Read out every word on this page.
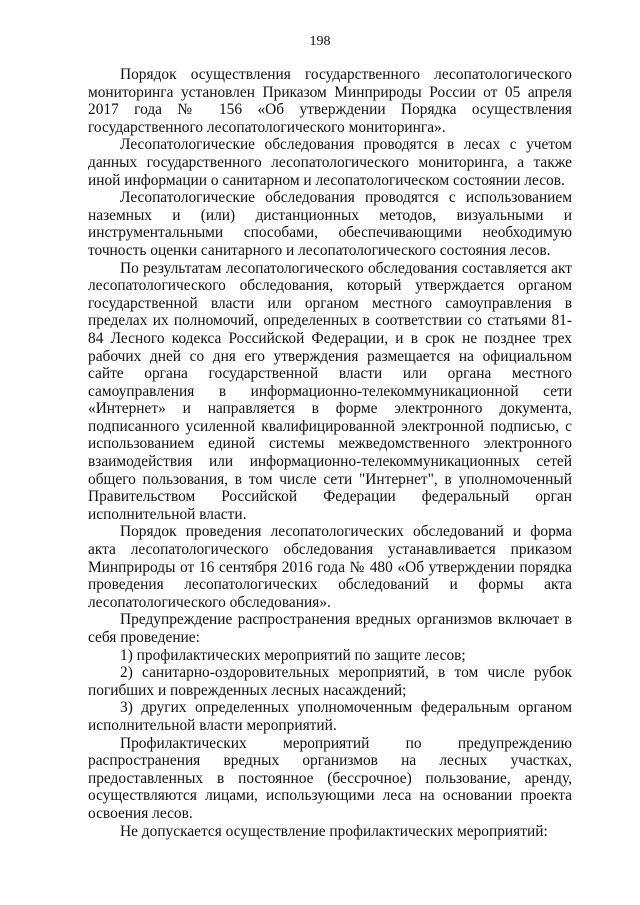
198

Порядок осуществления государственного лесопатологического мониторинга установлен Приказом Минприроды России от 05 апреля 2017 года № 156 «Об утверждении Порядка осуществления государственного лесопатологического мониторинга».

Лесопатологические обследования проводятся в лесах с учетом данных государственного лесопатологического мониторинга, а также иной информации о санитарном и лесопатологическом состоянии лесов.

Лесопатологические обследования проводятся с использованием наземных и (или) дистанционных методов, визуальными и инструментальными способами, обеспечивающими необходимую точность оценки санитарного и лесопатологического состояния лесов.

По результатам лесопатологического обследования составляется акт лесопатологического обследования, который утверждается органом государственной власти или органом местного самоуправления в пределах их полномочий, определенных в соответствии со статьями 81-84 Лесного кодекса Российской Федерации, и в срок не позднее трех рабочих дней со дня его утверждения размещается на официальном сайте органа государственной власти или органа местного самоуправления в информационно-телекоммуникационной сети «Интернет» и направляется в форме электронного документа, подписанного усиленной квалифицированной электронной подписью, с использованием единой системы межведомственного электронного взаимодействия или информационно-телекоммуникационных сетей общего пользования, в том числе сети "Интернет", в уполномоченный Правительством Российской Федерации федеральный орган исполнительной власти.

Порядок проведения лесопатологических обследований и форма акта лесопатологического обследования устанавливается приказом Минприроды от 16 сентября 2016 года № 480 «Об утверждении порядка проведения лесопатологических обследований и формы акта лесопатологического обследования».

Предупреждение распространения вредных организмов включает в себя проведение:

1) профилактических мероприятий по защите лесов;

2) санитарно-оздоровительных мероприятий, в том числе рубок погибших и поврежденных лесных насаждений;

3) других определенных уполномоченным федеральным органом исполнительной власти мероприятий.

Профилактических мероприятий по предупреждению распространения вредных организмов на лесных участках, предоставленных в постоянное (бессрочное) пользование, аренду, осуществляются лицами, использующими леса на основании проекта освоения лесов.

Не допускается осуществление профилактических мероприятий:
